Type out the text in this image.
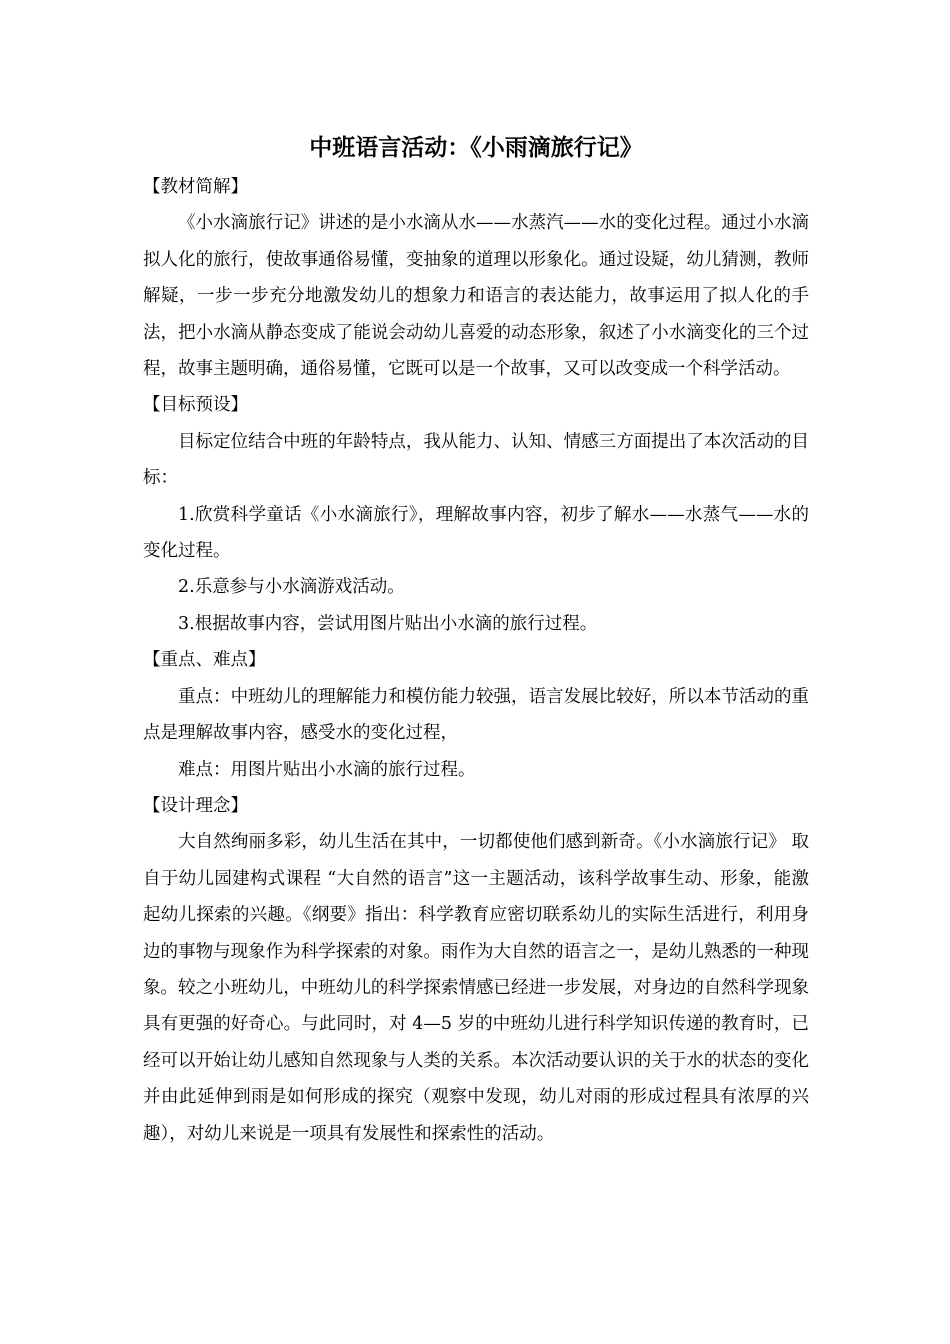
中班语言活动：《小雨滴旅行记》
【教材简解】

《小水滴旅行记》讲述的是小水滴从水——水蒸汽——水的变化过程。通过小水滴拟人化的旅行，使故事通俗易懂，变抽象的道理以形象化。通过设疑，幼儿猜测，教师解疑，一步一步充分地激发幼儿的想象力和语言的表达能力，故事运用了拟人化的手法，把小水滴从静态变成了能说会动幼儿喜爱的动态形象，叙述了小水滴变化的三个过程，故事主题明确，通俗易懂，它既可以是一个故事，又可以改变成一个科学活动。

【目标预设】

目标定位结合中班的年龄特点，我从能力、认知、情感三方面提出了本次活动的目标：

1.欣赏科学童话《小水滴旅行》，理解故事内容，初步了解水——水蒸气——水的变化过程。

2.乐意参与小水滴游戏活动。

3.根据故事内容，尝试用图片贴出小水滴的旅行过程。

【重点、难点】

重点：中班幼儿的理解能力和模仿能力较强，语言发展比较好，所以本节活动的重点是理解故事内容，感受水的变化过程，

难点：用图片贴出小水滴的旅行过程。

【设计理念】

大自然绚丽多彩，幼儿生活在其中，一切都使他们感到新奇。《小水滴旅行记》 取自于幼儿园建构式课程 “大自然的语言”这一主题活动，该科学故事生动、形象，能激起幼儿探索的兴趣。《纲要》指出：科学教育应密切联系幼儿的实际生活进行，利用身边的事物与现象作为科学探索的对象。雨作为大自然的语言之一，是幼儿熟悉的一种现象。较之小班幼儿，中班幼儿的科学探索情感已经进一步发展，对身边的自然科学现象 具有更强的好奇心。与此同时，对 4—5 岁的中班幼儿进行科学知识传递的教育时，已经可以开始让幼儿感知自然现象与人类的关系。本次活动要认识的关于水的状态的变化并由此延伸到雨是如何形成的探究（观察中发现，幼儿对雨的形成过程具有浓厚的兴趣），对幼儿来说是一项具有发展性和探索性的活动。
